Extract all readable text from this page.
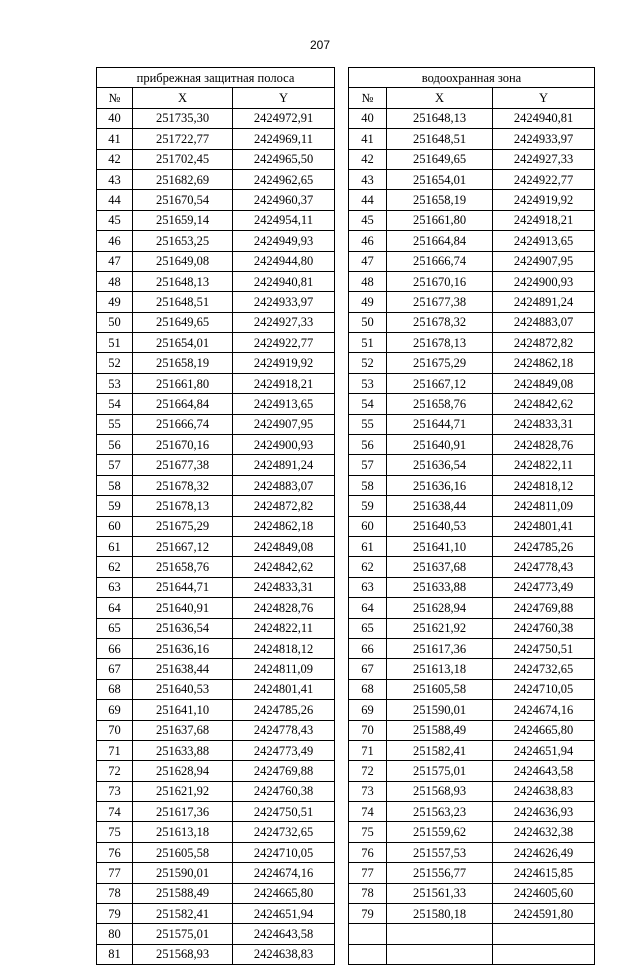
207
прибрежная защитная полоса		
№	X	Y
40	251735,30	2424972,91
41	251722,77	2424969,11
42	251702,45	2424965,50
43	251682,69	2424962,65
44	251670,54	2424960,37
45	251659,14	2424954,11
46	251653,25	2424949,93
47	251649,08	2424944,80
48	251648,13	2424940,81
49	251648,51	2424933,97
50	251649,65	2424927,33
51	251654,01	2424922,77
52	251658,19	2424919,92
53	251661,80	2424918,21
54	251664,84	2424913,65
55	251666,74	2424907,95
56	251670,16	2424900,93
57	251677,38	2424891,24
58	251678,32	2424883,07
59	251678,13	2424872,82
60	251675,29	2424862,18
61	251667,12	2424849,08
62	251658,76	2424842,62
63	251644,71	2424833,31
64	251640,91	2424828,76
65	251636,54	2424822,11
66	251636,16	2424818,12
67	251638,44	2424811,09
68	251640,53	2424801,41
69	251641,10	2424785,26
70	251637,68	2424778,43
71	251633,88	2424773,49
72	251628,94	2424769,88
73	251621,92	2424760,38
74	251617,36	2424750,51
75	251613,18	2424732,65
76	251605,58	2424710,05
77	251590,01	2424674,16
78	251588,49	2424665,80
79	251582,41	2424651,94
80	251575,01	2424643,58
81	251568,93	2424638,83
водоохранная зона		
№	X	Y
40	251648,13	2424940,81
41	251648,51	2424933,97
42	251649,65	2424927,33
43	251654,01	2424922,77
44	251658,19	2424919,92
45	251661,80	2424918,21
46	251664,84	2424913,65
47	251666,74	2424907,95
48	251670,16	2424900,93
49	251677,38	2424891,24
50	251678,32	2424883,07
51	251678,13	2424872,82
52	251675,29	2424862,18
53	251667,12	2424849,08
54	251658,76	2424842,62
55	251644,71	2424833,31
56	251640,91	2424828,76
57	251636,54	2424822,11
58	251636,16	2424818,12
59	251638,44	2424811,09
60	251640,53	2424801,41
61	251641,10	2424785,26
62	251637,68	2424778,43
63	251633,88	2424773,49
64	251628,94	2424769,88
65	251621,92	2424760,38
66	251617,36	2424750,51
67	251613,18	2424732,65
68	251605,58	2424710,05
69	251590,01	2424674,16
70	251588,49	2424665,80
71	251582,41	2424651,94
72	251575,01	2424643,58
73	251568,93	2424638,83
74	251563,23	2424636,93
75	251559,62	2424632,38
76	251557,53	2424626,49
77	251556,77	2424615,85
78	251561,33	2424605,60
79	251580,18	2424591,80
